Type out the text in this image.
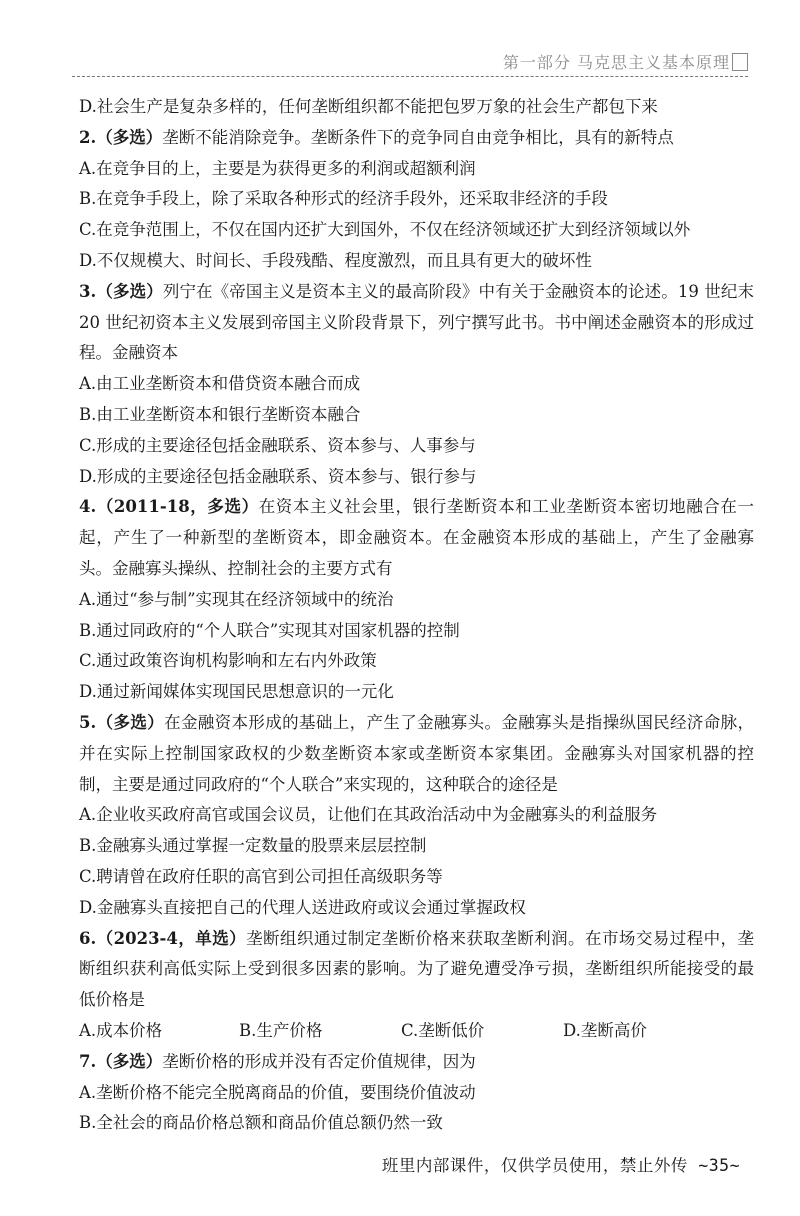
第一部分 马克思主义基本原理
D.社会生产是复杂多样的，任何垄断组织都不能把包罗万象的社会生产都包下来
2.（多选）垄断不能消除竞争。垄断条件下的竞争同自由竞争相比，具有的新特点
A.在竞争目的上，主要是为获得更多的利润或超额利润
B.在竞争手段上，除了采取各种形式的经济手段外，还采取非经济的手段
C.在竞争范围上，不仅在国内还扩大到国外，不仅在经济领域还扩大到经济领域以外
D.不仅规模大、时间长、手段残酷、程度激烈，而且具有更大的破坏性
3.（多选）列宁在《帝国主义是资本主义的最高阶段》中有关于金融资本的论述。19 世纪末 20 世纪初资本主义发展到帝国主义阶段背景下，列宁撰写此书。书中阐述金融资本的形成过程。金融资本
A.由工业垄断资本和借贷资本融合而成
B.由工业垄断资本和银行垄断资本融合
C.形成的主要途径包括金融联系、资本参与、人事参与
D.形成的主要途径包括金融联系、资本参与、银行参与
4.（2011-18，多选）在资本主义社会里，银行垄断资本和工业垄断资本密切地融合在一起，产生了一种新型的垄断资本，即金融资本。在金融资本形成的基础上，产生了金融寡头。金融寡头操纵、控制社会的主要方式有
A.通过“参与制”实现其在经济领域中的统治
B.通过同政府的“个人联合”实现其对国家机器的控制
C.通过政策咨询机构影响和左右内外政策
D.通过新闻媒体实现国民思想意识的一元化
5.（多选）在金融资本形成的基础上，产生了金融寡头。金融寡头是指操纵国民经济命脉，并在实际上控制国家政权的少数垄断资本家或垄断资本家集团。金融寡头对国家机器的控制，主要是通过同政府的“个人联合”来实现的，这种联合的途径是
A.企业收买政府高官或国会议员，让他们在其政治活动中为金融寡头的利益服务
B.金融寡头通过掌握一定数量的股票来层层控制
C.聘请曾在政府任职的高官到公司担任高级职务等
D.金融寡头直接把自己的代理人送进政府或议会通过掌握政权
6.（2023-4，单选）垄断组织通过制定垄断价格来获取垄断利润。在市场交易过程中，垄断组织获利高低实际上受到很多因素的影响。为了避免遭受净亏损，垄断组织所能接受的最低价格是
A.成本价格	B.生产价格	C.垄断低价	D.垄断高价
7.（多选）垄断价格的形成并没有否定价值规律，因为
A.垄断价格不能完全脱离商品的价值，要围绕价值波动
B.全社会的商品价格总额和商品价值总额仍然一致
班里内部课件，仅供学员使用，禁止外传 ~35~
